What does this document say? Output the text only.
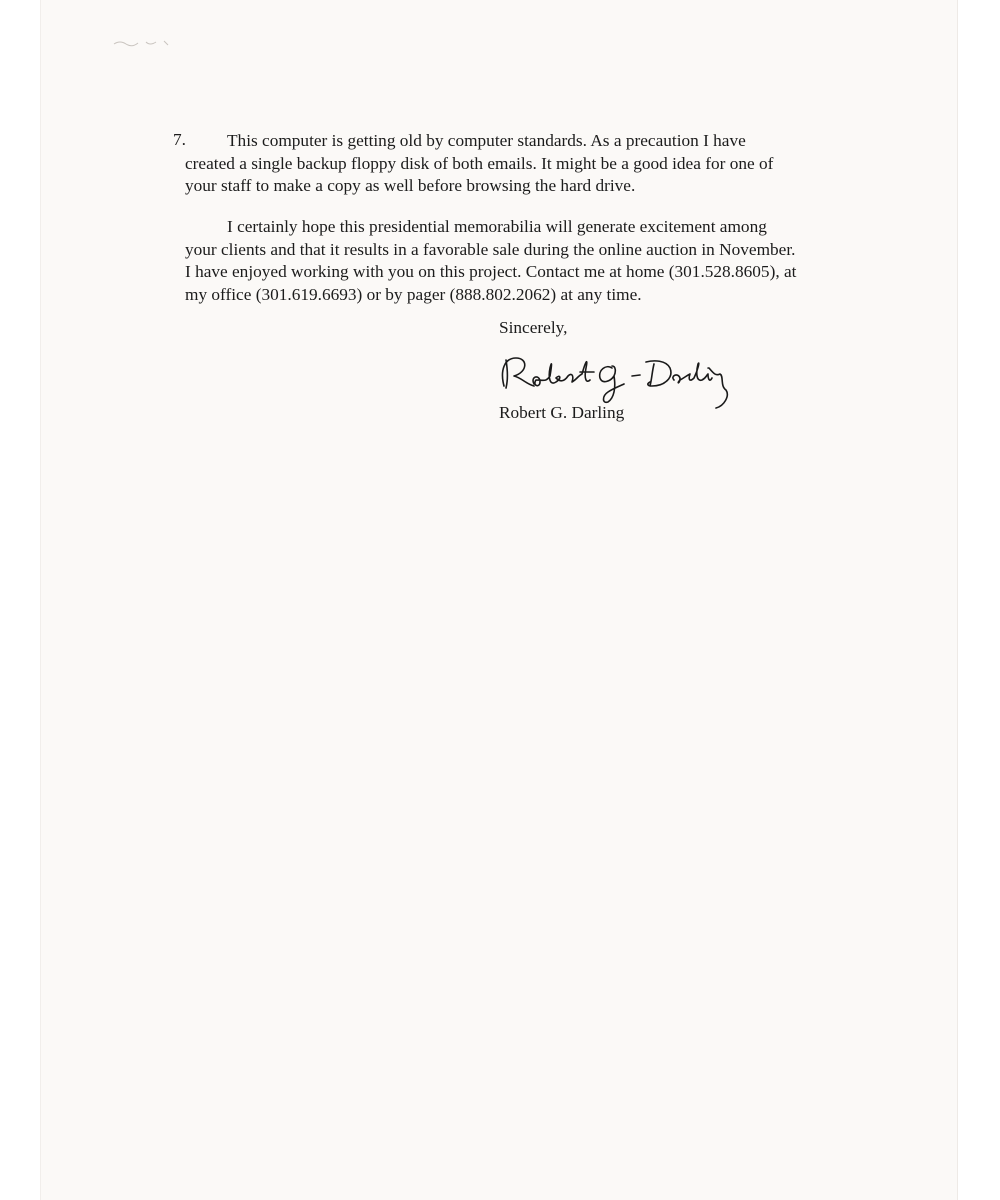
7. This computer is getting old by computer standards. As a precaution I have

created a single backup floppy disk of both emails. It might be a good idea for one of

your staff to make a copy as well before browsing the hard drive.

I certainly hope this presidential memorabilia will generate excitement among

your clients and that it results in a favorable sale during the online auction in November.

I have enjoyed working with you on this project. Contact me at home (301.528.8605), at

my office (301.619.6693) or by pager (888.802.2062) at any time.

Sincerely,

Robert G. Darling
